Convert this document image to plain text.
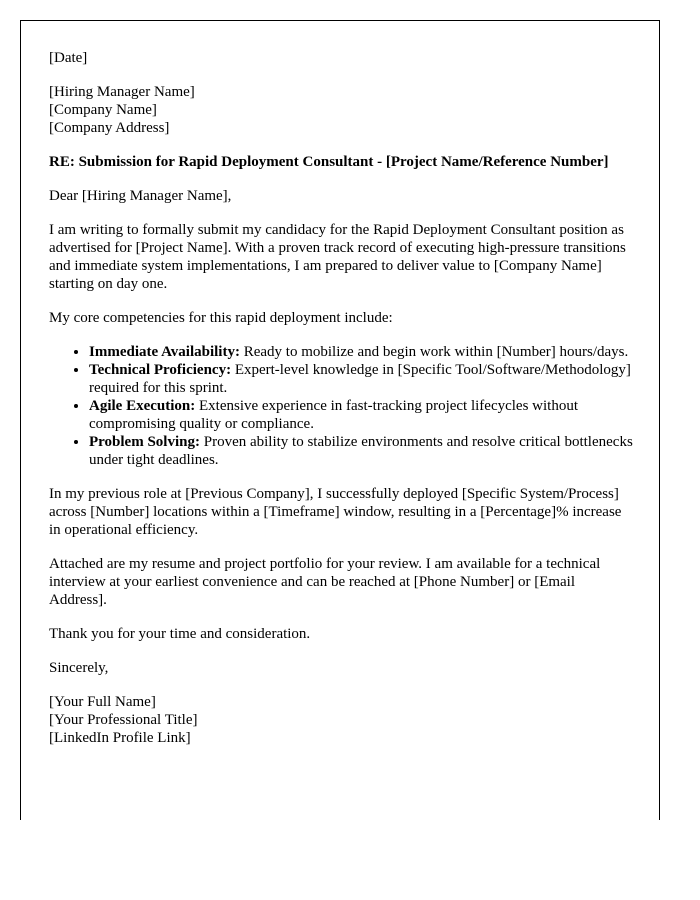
[Date]

[Hiring Manager Name]
[Company Name]
[Company Address]

RE: Submission for Rapid Deployment Consultant - [Project Name/Reference Number]

Dear [Hiring Manager Name],

I am writing to formally submit my candidacy for the Rapid Deployment Consultant position as advertised for [Project Name]. With a proven track record of executing high-pressure transitions and immediate system implementations, I am prepared to deliver value to [Company Name] starting on day one.

My core competencies for this rapid deployment include:

• Immediate Availability: Ready to mobilize and begin work within [Number] hours/days.
• Technical Proficiency: Expert-level knowledge in [Specific Tool/Software/Methodology] required for this sprint.
• Agile Execution: Extensive experience in fast-tracking project lifecycles without compromising quality or compliance.
• Problem Solving: Proven ability to stabilize environments and resolve critical bottlenecks under tight deadlines.

In my previous role at [Previous Company], I successfully deployed [Specific System/Process] across [Number] locations within a [Timeframe] window, resulting in a [Percentage]% increase in operational efficiency.

Attached are my resume and project portfolio for your review. I am available for a technical interview at your earliest convenience and can be reached at [Phone Number] or [Email Address].

Thank you for your time and consideration.

Sincerely,

[Your Full Name]
[Your Professional Title]
[LinkedIn Profile Link]
